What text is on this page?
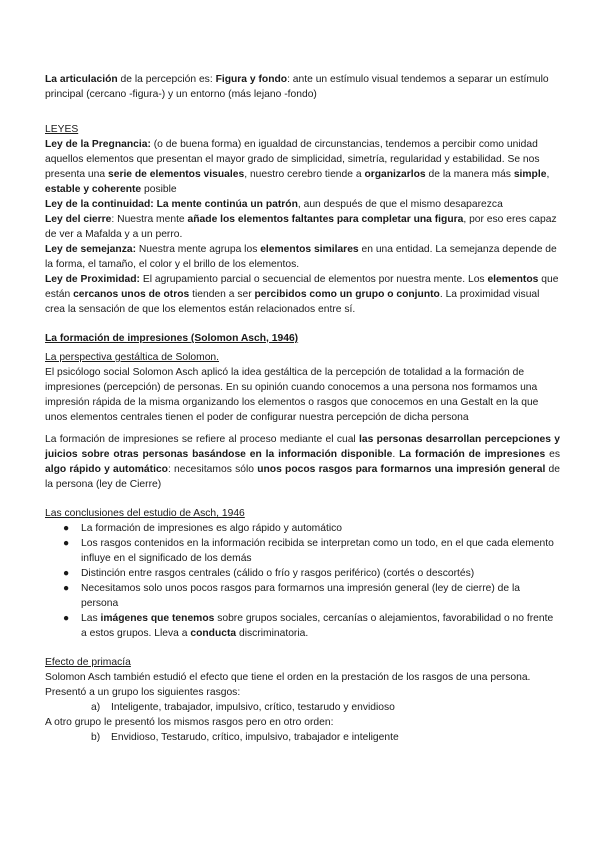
La articulación de la percepción es: Figura y fondo: ante un estímulo visual tendemos a separar un estímulo principal (cercano -figura-) y un entorno (más lejano -fondo)

LEYES

Ley de la Pregnancia: (o de buena forma) en igualdad de circunstancias, tendemos a percibir como unidad aquellos elementos que presentan el mayor grado de simplicidad, simetría, regularidad y estabilidad. Se nos presenta una serie de elementos visuales, nuestro cerebro tiende a organizarlos de la manera más simple, estable y coherente posible

Ley de la continuidad: La mente continúa un patrón, aun después de que el mismo desaparezca

Ley del cierre: Nuestra mente añade los elementos faltantes para completar una figura, por eso eres capaz de ver a Mafalda y a un perro.

Ley de semejanza: Nuestra mente agrupa los elementos similares en una entidad. La semejanza depende de la forma, el tamaño, el color y el brillo de los elementos.

Ley de Proximidad: El agrupamiento parcial o secuencial de elementos por nuestra mente. Los elementos que están cercanos unos de otros tienden a ser percibidos como un grupo o conjunto. La proximidad visual crea la sensación de que los elementos están relacionados entre sí.

La formación de impresiones (Solomon Asch, 1946)

La perspectiva gestáltica de Solomon.

El psicólogo social Solomon Asch aplicó la idea gestáltica de la percepción de totalidad a la formación de impresiones (percepción) de personas. En su opinión cuando conocemos a una persona nos formamos una impresión rápida de la misma organizando los elementos o rasgos que conocemos en una Gestalt en la que unos elementos centrales tienen el poder de configurar nuestra percepción de dicha persona

La formación de impresiones se refiere al proceso mediante el cual las personas desarrollan percepciones y juicios sobre otras personas basándose en la información disponible. La formación de impresiones es algo rápido y automático: necesitamos sólo unos pocos rasgos para formarnos una impresión general de la persona (ley de Cierre)

Las conclusiones del estudio de Asch, 1946

● La formación de impresiones es algo rápido y automático
● Los rasgos contenidos en la información recibida se interpretan como un todo, en el que cada elemento influye en el significado de los demás
● Distinción entre rasgos centrales (cálido o frío y rasgos periférico) (cortés o descortés)
● Necesitamos solo unos pocos rasgos para formarnos una impresión general (ley de cierre) de la persona
● Las imágenes que tenemos sobre grupos sociales, cercanías o alejamientos, favorabilidad o no frente a estos grupos. Lleva a conducta discriminatoria.

Efecto de primacía

Solomon Asch también estudió el efecto que tiene el orden en la prestación de los rasgos de una persona.

Presentó a un grupo los siguientes rasgos:

a) Inteligente, trabajador, impulsivo, crítico, testarudo y envidioso

A otro grupo le presentó los mismos rasgos pero en otro orden:

b) Envidioso, Testarudo, crítico, impulsivo, trabajador e inteligente
